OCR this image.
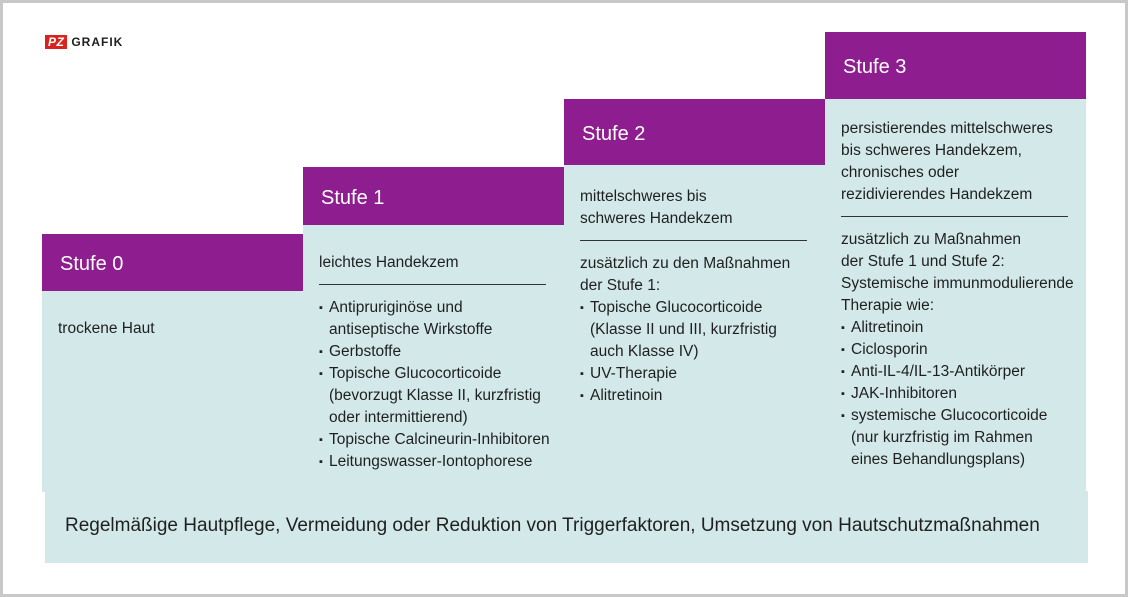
PZ GRAFIK
Stufe 0
trockene Haut
Stufe 1
leichtes Handekzem
▪ Antipruriginöse und
antiseptische Wirkstoffe
▪ Gerbstoffe
▪ Topische Glucocorticoide
(bevorzugt Klasse II, kurzfristig
oder intermittierend)
▪ Topische Calcineurin-Inhibitoren
▪ Leitungswasser-Iontophorese
Stufe 2
mittelschweres bis
schweres Handekzem
zusätzlich zu den Maßnahmen
der Stufe 1:
▪ Topische Glucocorticoide
(Klasse II und III, kurzfristig
auch Klasse IV)
▪ UV-Therapie
▪ Alitretinoin
Stufe 3
persistierendes mittelschweres
bis schweres Handekzem,
chronisches oder
rezidivierendes Handekzem
zusätzlich zu Maßnahmen
der Stufe 1 und Stufe 2:
Systemische immunmodulierende
Therapie wie:
▪ Alitretinoin
▪ Ciclosporin
▪ Anti-IL-4/IL-13-Antikörper
▪ JAK-Inhibitoren
▪ systemische Glucocorticoide
(nur kurzfristig im Rahmen
eines Behandlungsplans)
Regelmäßige Hautpflege, Vermeidung oder Reduktion von Triggerfaktoren, Umsetzung von Hautschutzmaßnahmen
